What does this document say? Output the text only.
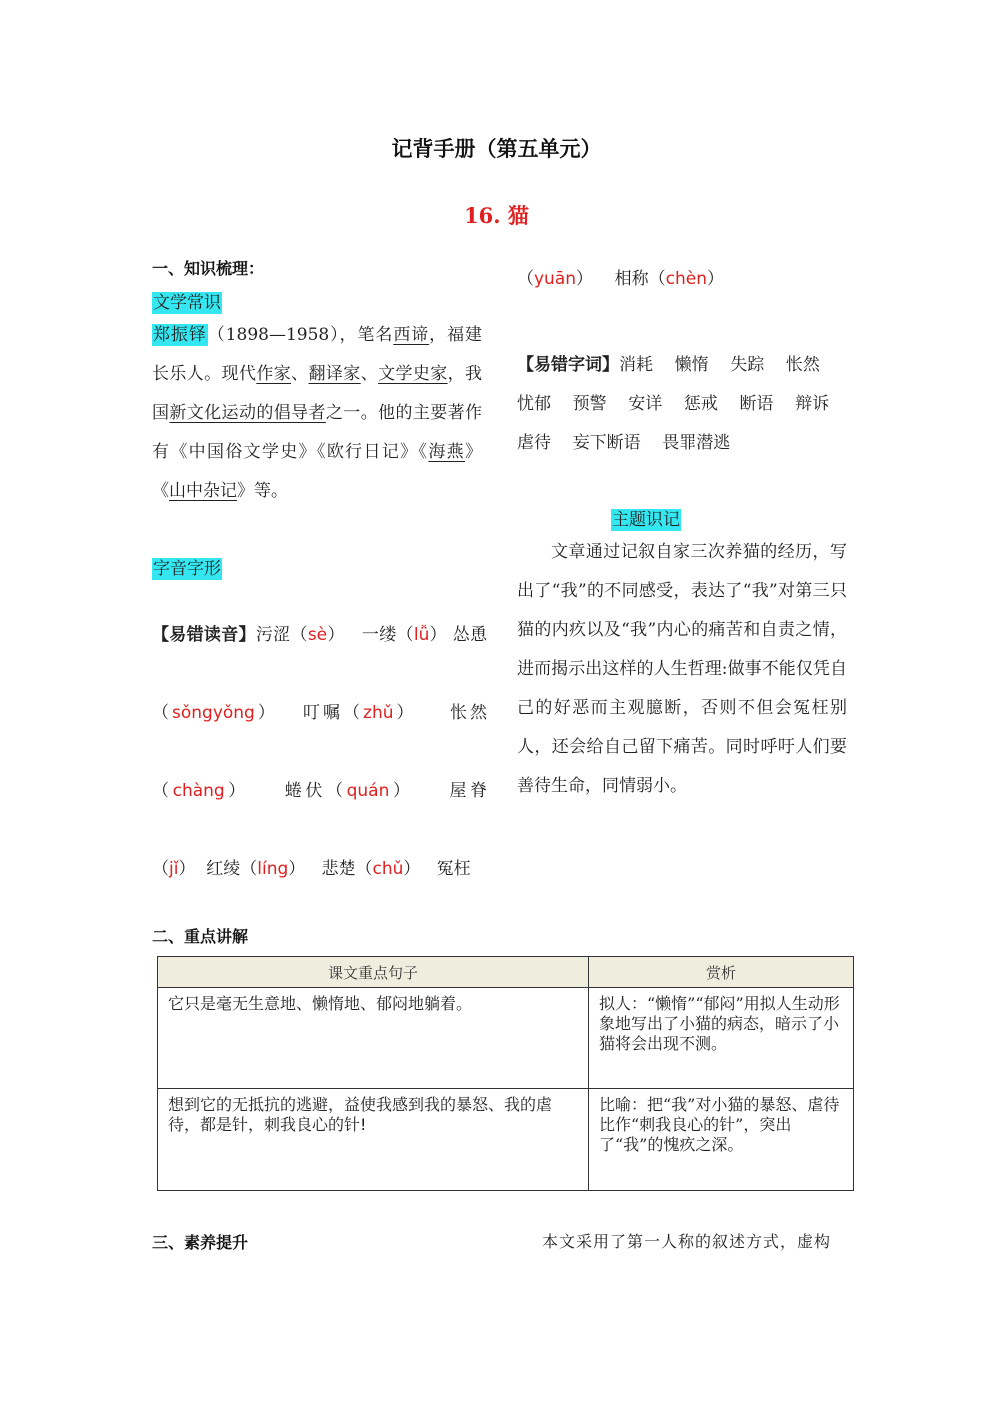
记背手册（第五单元）
16. 猫
一、知识梳理：
文学常识
郑振铎（1898—1958），笔名西谛，福建长乐人。现代作家、翻译家、文学史家，我国新文化运动的倡导者之一。他的主要著作有《中国俗文学史》《欧行日记》《海燕》《山中杂记》等。
字音字形
【易错读音】污涩（sè） 一缕（lǚ） 怂恿（sǒngyǒng） 叮嘱（zhǔ） 怅然（chàng） 蜷伏（quán） 屋脊（jǐ） 红绫（líng） 悲楚（chǔ） 冤枉
（yuān）    相称（chèn）
【易错字词】消耗 懒惰 失踪 怅然
忧郁 预警 安详 惩戒 断语 辩诉
虐待 妄下断语 畏罪潜逃
主题识记
文章通过记叙自家三次养猫的经历，写出了“我”的不同感受，表达了“我”对第三只猫的内疚以及“我”内心的痛苦和自责之情，进而揭示出这样的人生哲理:做事不能仅凭自己的好恶而主观臆断，否则不但会冤枉别人，还会给自己留下痛苦。同时呼吁人们要善待生命，同情弱小。
二、重点讲解
课文重点句子	赏析
它只是毫无生意地、懒惰地、郁闷地躺着。	拟人：“懒惰”“郁闷”用拟人生动形象地写出了小猫的病态，暗示了小猫将会出现不测。
想到它的无抵抗的逃避，益使我感到我的暴怒、我的虐待，都是针，刺我良心的针!	比喻：把“我”对小猫的暴怒、虐待比作“刺我良心的针”，突出了“我”的愧疚之深。
三、素养提升	本文采用了第一人称的叙述方式，虚构
